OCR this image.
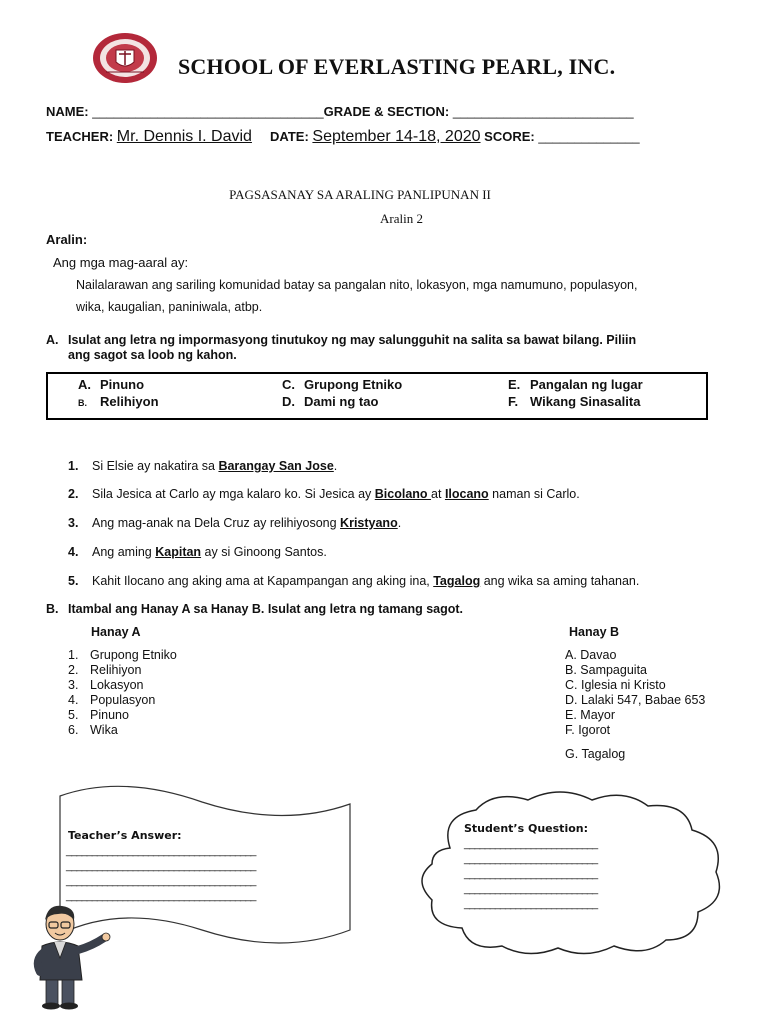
SCHOOL OF EVERLASTING PEARL, INC.
NAME: ________________________________GRADE & SECTION: _________________________
TEACHER: Mr. Dennis I. David DATE: September 14-18, 2020 SCORE: ______________
PAGSASANAY SA ARALING PANLIPUNAN II
Aralin 2
Aralin:
Ang mga mag-aaral ay:
Nailalarawan ang sariling komunidad batay sa pangalan nito, lokasyon, mga namumuno, populasyon,
wika, kaugalian, paniniwala, atbp.
A. Isulat ang letra ng impormasyong tinutukoy ng may salungguhit na salita sa bawat bilang. Piliin
ang sagot sa loob ng kahon.
A. Pinuno
B. Relihiyon
C. Grupong Etniko
D. Dami ng tao
E. Pangalan ng lugar
F. Wikang Sinasalita
1. Si Elsie ay nakatira sa Barangay San Jose.
2. Sila Jesica at Carlo ay mga kalaro ko. Si Jesica ay Bicolano at Ilocano naman si Carlo.
3. Ang mag-anak na Dela Cruz ay relihiyosong Kristyano.
4. Ang aming Kapitan ay si Ginoong Santos.
5. Kahit Ilocano ang aking ama at Kapampangan ang aking ina, Tagalog ang wika sa aming tahanan.
B. Itambal ang Hanay A sa Hanay B. Isulat ang letra ng tamang sagot.
Hanay A	Hanay B
1. Grupong Etniko
2. Relihiyon
3. Lokasyon
4. Populasyon
5. Pinuno
6. Wika
A. Davao
B. Sampaguita
C. Iglesia ni Kristo
D. Lalaki 547, Babae 653
E. Mayor
F. Igorot
G. Tagalog
Teacher’s Answer:
_____________________________________
_____________________________________
_____________________________________
_____________________________________
Student’s Question:
__________________________
__________________________
__________________________
__________________________
__________________________
